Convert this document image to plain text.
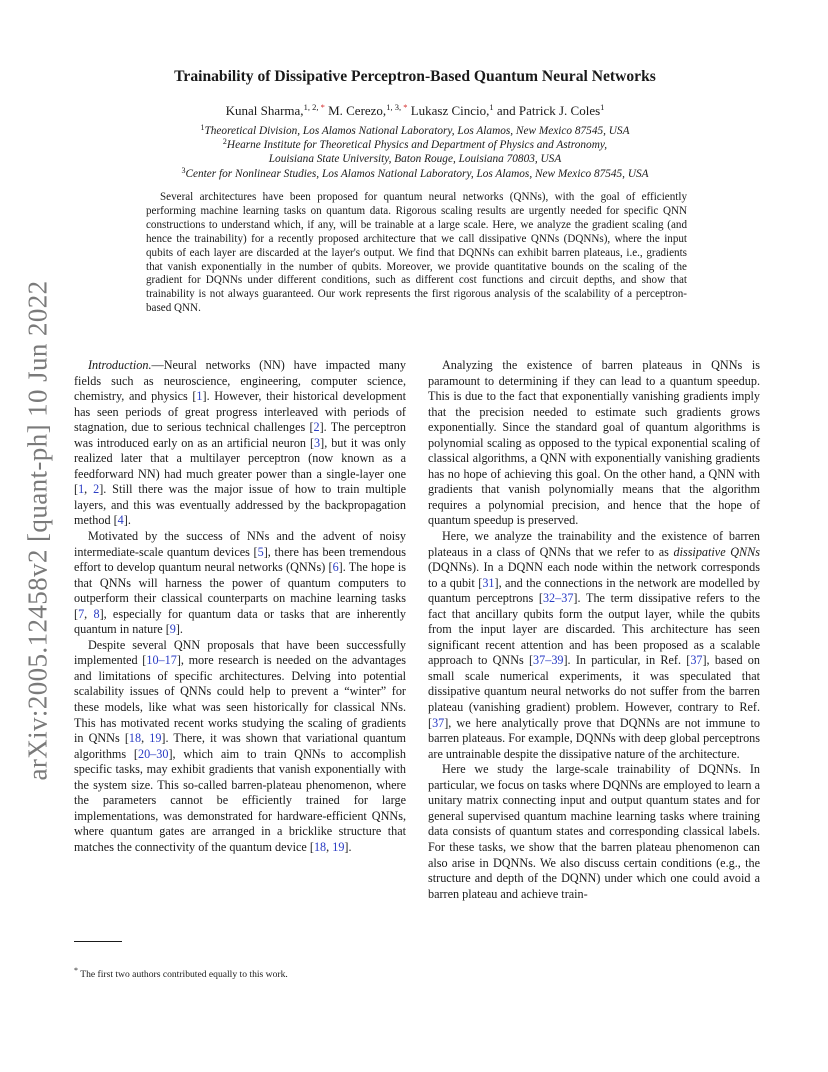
arXiv:2005.12458v2 [quant-ph] 10 Jun 2022
Trainability of Dissipative Perceptron-Based Quantum Neural Networks
Kunal Sharma,$^{1, 2, *}$ M. Cerezo,$^{1, 3, *}$ Lukasz Cincio,$^1$ and Patrick J. Coles$^1$
$^1$Theoretical Division, Los Alamos National Laboratory, Los Alamos, New Mexico 87545, USA
$^2$Hearne Institute for Theoretical Physics and Department of Physics and Astronomy,
Louisiana State University, Baton Rouge, Louisiana 70803, USA
$^3$Center for Nonlinear Studies, Los Alamos National Laboratory, Los Alamos, New Mexico 87545, USA
Several architectures have been proposed for quantum neural networks (QNNs), with the goal of efficiently performing machine learning tasks on quantum data. Rigorous scaling results are urgently needed for specific QNN constructions to understand which, if any, will be trainable at a large scale. Here, we analyze the gradient scaling (and hence the trainability) for a recently proposed architecture that we call dissipative QNNs (DQNNs), where the input qubits of each layer are discarded at the layer's output. We find that DQNNs can exhibit barren plateaus, i.e., gradients that vanish exponentially in the number of qubits. Moreover, we provide quantitative bounds on the scaling of the gradient for DQNNs under different conditions, such as different cost functions and circuit depths, and show that trainability is not always guaranteed. Our work represents the first rigorous analysis of the scalability of a perceptron-based QNN.

Introduction.—Neural networks (NN) have impacted many fields such as neuroscience, engineering, computer science, chemistry, and physics [1]. However, their historical development has seen periods of great progress interleaved with periods of stagnation, due to serious technical challenges [2]. The perceptron was introduced early on as an artificial neuron [3], but it was only realized later that a multilayer perceptron (now known as a feedforward NN) had much greater power than a single-layer one [1, 2]. Still there was the major issue of how to train multiple layers, and this was eventually addressed by the backpropagation method [4].

Motivated by the success of NNs and the advent of noisy intermediate-scale quantum devices [5], there has been tremendous effort to develop quantum neural networks (QNNs) [6]. The hope is that QNNs will harness the power of quantum computers to outperform their classical counterparts on machine learning tasks [7, 8], especially for quantum data or tasks that are inherently quantum in nature [9].

Despite several QNN proposals that have been successfully implemented [10–17], more research is needed on the advantages and limitations of specific architectures. Delving into potential scalability issues of QNNs could help to prevent a “winter” for these models, like what was seen historically for classical NNs. This has motivated recent works studying the scaling of gradients in QNNs [18, 19]. There, it was shown that variational quantum algorithms [20–30], which aim to train QNNs to accomplish specific tasks, may exhibit gradients that vanish exponentially with the system size. This so-called barren-plateau phenomenon, where the parameters cannot be efficiently trained for large implementations, was demonstrated for hardware-efficient QNNs, where quantum gates are arranged in a bricklike structure that matches the connectivity of the quantum device [18, 19].

Analyzing the existence of barren plateaus in QNNs is paramount to determining if they can lead to a quantum speedup. This is due to the fact that exponentially vanishing gradients imply that the precision needed to estimate such gradients grows exponentially. Since the standard goal of quantum algorithms is polynomial scaling as opposed to the typical exponential scaling of classical algorithms, a QNN with exponentially vanishing gradients has no hope of achieving this goal. On the other hand, a QNN with gradients that vanish polynomially means that the algorithm requires a polynomial precision, and hence that the hope of quantum speedup is preserved.

Here, we analyze the trainability and the existence of barren plateaus in a class of QNNs that we refer to as dissipative QNNs (DQNNs). In a DQNN each node within the network corresponds to a qubit [31], and the connections in the network are modelled by quantum perceptrons [32–37]. The term dissipative refers to the fact that ancillary qubits form the output layer, while the qubits from the input layer are discarded. This architecture has seen significant recent attention and has been proposed as a scalable approach to QNNs [37–39]. In particular, in Ref. [37], based on small scale numerical experiments, it was speculated that dissipative quantum neural networks do not suffer from the barren plateau (vanishing gradient) problem. However, contrary to Ref. [37], we here analytically prove that DQNNs are not immune to barren plateaus. For example, DQNNs with deep global perceptrons are untrainable despite the dissipative nature of the architecture.

Here we study the large-scale trainability of DQNNs. In particular, we focus on tasks where DQNNs are employed to learn a unitary matrix connecting input and output quantum states and for general supervised quantum machine learning tasks where training data consists of quantum states and corresponding classical labels. For these tasks, we show that the barren plateau phenomenon can also arise in DQNNs. We also discuss certain conditions (e.g., the structure and depth of the DQNN) under which one could avoid a barren plateau and achieve train-

* The first two authors contributed equally to this work.
